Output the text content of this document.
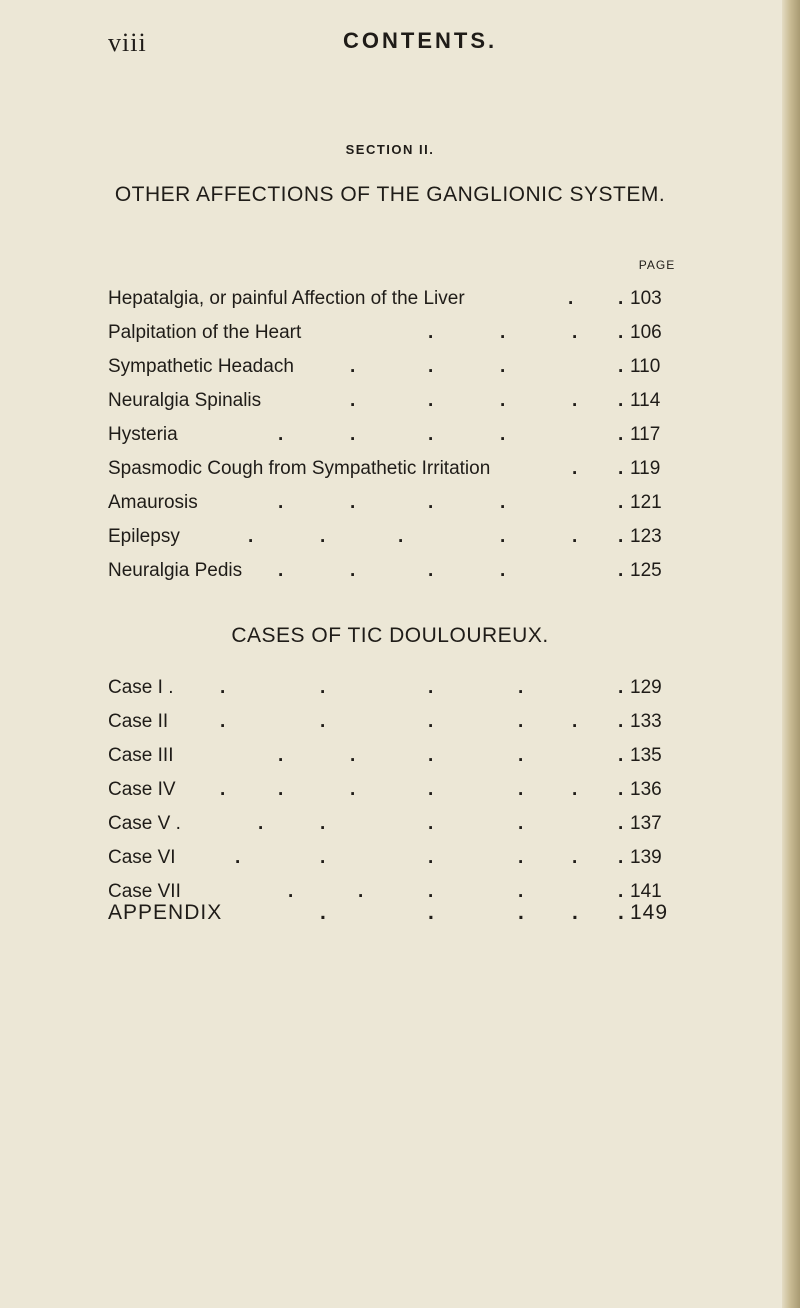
viii	CONTENTS.
SECTION II.
OTHER AFFECTIONS OF THE GANGLIONIC SYSTEM.
PAGE
Hepatalgia, or painful Affection of the Liver	. . 103
Palpitation of the Heart	.	.	. . 106
Sympathetic Headach	.	.	.	. 110
Neuralgia Spinalis	.	.	.	. . 114
Hysteria	.	.	.	.	. 117
Spasmodic Cough from Sympathetic Irritation	. . 119
Amaurosis	.	.	.	.	. 121
Epilepsy	.	.	.	.	. . 123
Neuralgia Pedis .	.	.	.	. 125
CASES OF TIC DOULOUREUX.
Case I . .	.	.	.	. 129
Case II	.	.	.	.	. . 133
Case III	.	.	.	.	. 135
Case IV .	.	.	.	.	. . 136
Case V .	.	.	.	.	. 137
Case VI	.	.	.	.	. . 139
Case VII	.	.	.	.	. 141
APPENDIX	.	.	. . . 149
